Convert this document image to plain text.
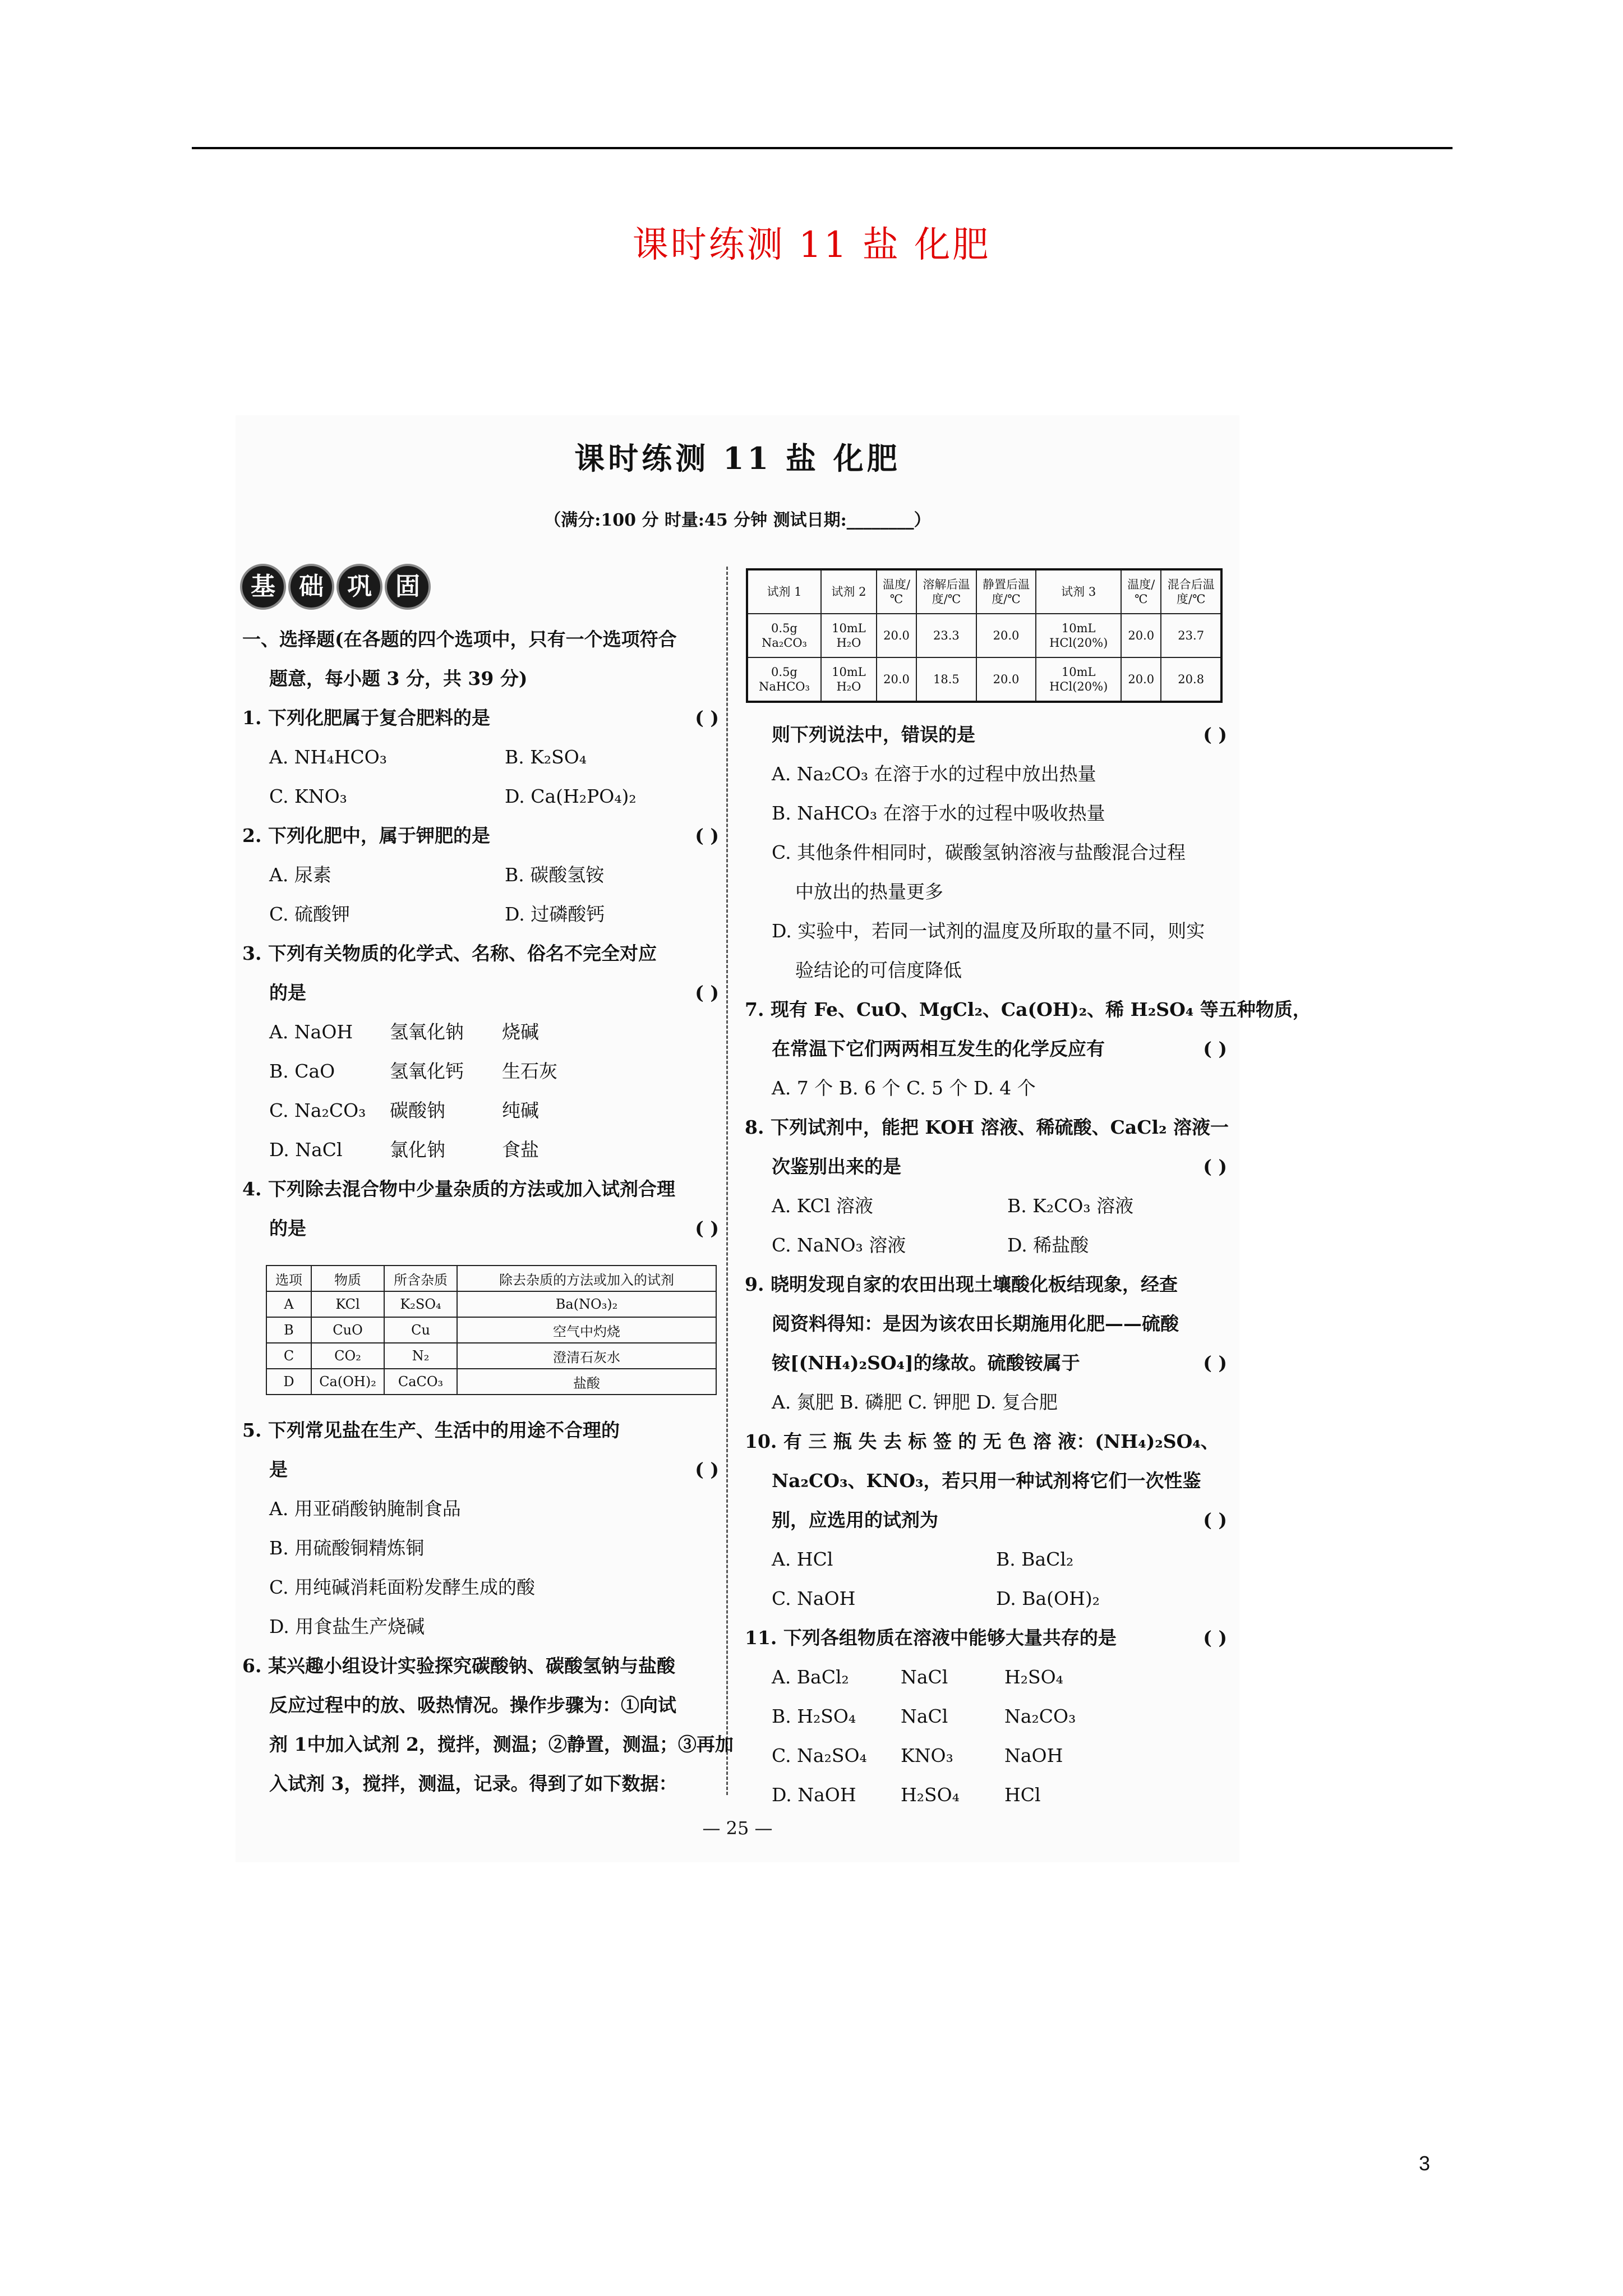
课时练测 11 盐 化肥
课时练测 11 盐 化肥
（满分:100 分 时量:45 分钟 测试日期:________）
基 础 巩 固

一、选择题(在各题的四个选项中，只有一个选项符合

题意，每小题 3 分，共 39 分)

1. 下列化肥属于复合肥料的是	( )

A. NH₄HCO₃	B. K₂SO₄

C. KNO₃	D. Ca(H₂PO₄)₂

2. 下列化肥中，属于钾肥的是	( )

A. 尿素	B. 碳酸氢铵

C. 硫酸钾	D. 过磷酸钙

3. 下列有关物质的化学式、名称、俗名不完全对应

的是	( )

A. NaOH	氢氧化钠	烧碱

B. CaO	氢氧化钙	生石灰

C. Na₂CO₃	碳酸钠	纯碱

D. NaCl	氯化钠	食盐

4. 下列除去混合物中少量杂质的方法或加入试剂合理

的是	( )

5. 下列常见盐在生产、生活中的用途不合理的

是	( )

A. 用亚硝酸钠腌制食品

B. 用硫酸铜精炼铜

C. 用纯碱消耗面粉发酵生成的酸

D. 用食盐生产烧碱

6. 某兴趣小组设计实验探究碳酸钠、碳酸氢钠与盐酸

反应过程中的放、吸热情况。操作步骤为：①向试

剂 1中加入试剂 2，搅拌，测温；②静置，测温；③再加

入试剂 3，搅拌，测温，记录。得到了如下数据：

选项	物质	所含杂质	除去杂质的方法或加入的试剂
A	KCl	K₂SO₄	Ba(NO₃)₂
B	CuO	Cu	空气中灼烧
C	CO₂	N₂	澄清石灰水
D	Ca(OH)₂	CaCO₃	盐酸
试剂 1	试剂 2	温度/℃	溶解后温度/℃	静置后温度/℃	试剂 3	温度/℃	混合后温度/℃
0.5g Na₂CO₃	10mL H₂O	20.0	23.3	20.0	10mL HCl(20%)	20.0	23.7
0.5g NaHCO₃	10mL H₂O	20.0	18.5	20.0	10mL HCl(20%)	20.0	20.8

则下列说法中，错误的是	( )

A. Na₂CO₃ 在溶于水的过程中放出热量

B. NaHCO₃ 在溶于水的过程中吸收热量

C. 其他条件相同时，碳酸氢钠溶液与盐酸混合过程

中放出的热量更多

D. 实验中，若同一试剂的温度及所取的量不同，则实

验结论的可信度降低

7. 现有 Fe、CuO、MgCl₂、Ca(OH)₂、稀 H₂SO₄ 等五种物质，

在常温下它们两两相互发生的化学反应有	( )

A. 7 个 B. 6 个 C. 5 个 D. 4 个

8. 下列试剂中，能把 KOH 溶液、稀硫酸、CaCl₂ 溶液一

次鉴别出来的是	( )

A. KCl 溶液	B. K₂CO₃ 溶液

C. NaNO₃ 溶液	D. 稀盐酸

9. 晓明发现自家的农田出现土壤酸化板结现象，经查

阅资料得知：是因为该农田长期施用化肥——硫酸

铵[(NH₄)₂SO₄]的缘故。硫酸铵属于	( )

A. 氮肥 B. 磷肥 C. 钾肥 D. 复合肥

10. 有 三 瓶 失 去 标 签 的 无 色 溶 液：(NH₄)₂SO₄、

Na₂CO₃、KNO₃，若只用一种试剂将它们一次性鉴

别，应选用的试剂为	( )

A. HCl	B. BaCl₂

C. NaOH	D. Ba(OH)₂

11. 下列各组物质在溶液中能够大量共存的是	( )

A. BaCl₂	NaCl	H₂SO₄

B. H₂SO₄	NaCl	Na₂CO₃

C. Na₂SO₄	KNO₃	NaOH

D. NaOH	H₂SO₄	HCl

— 25 —
3
